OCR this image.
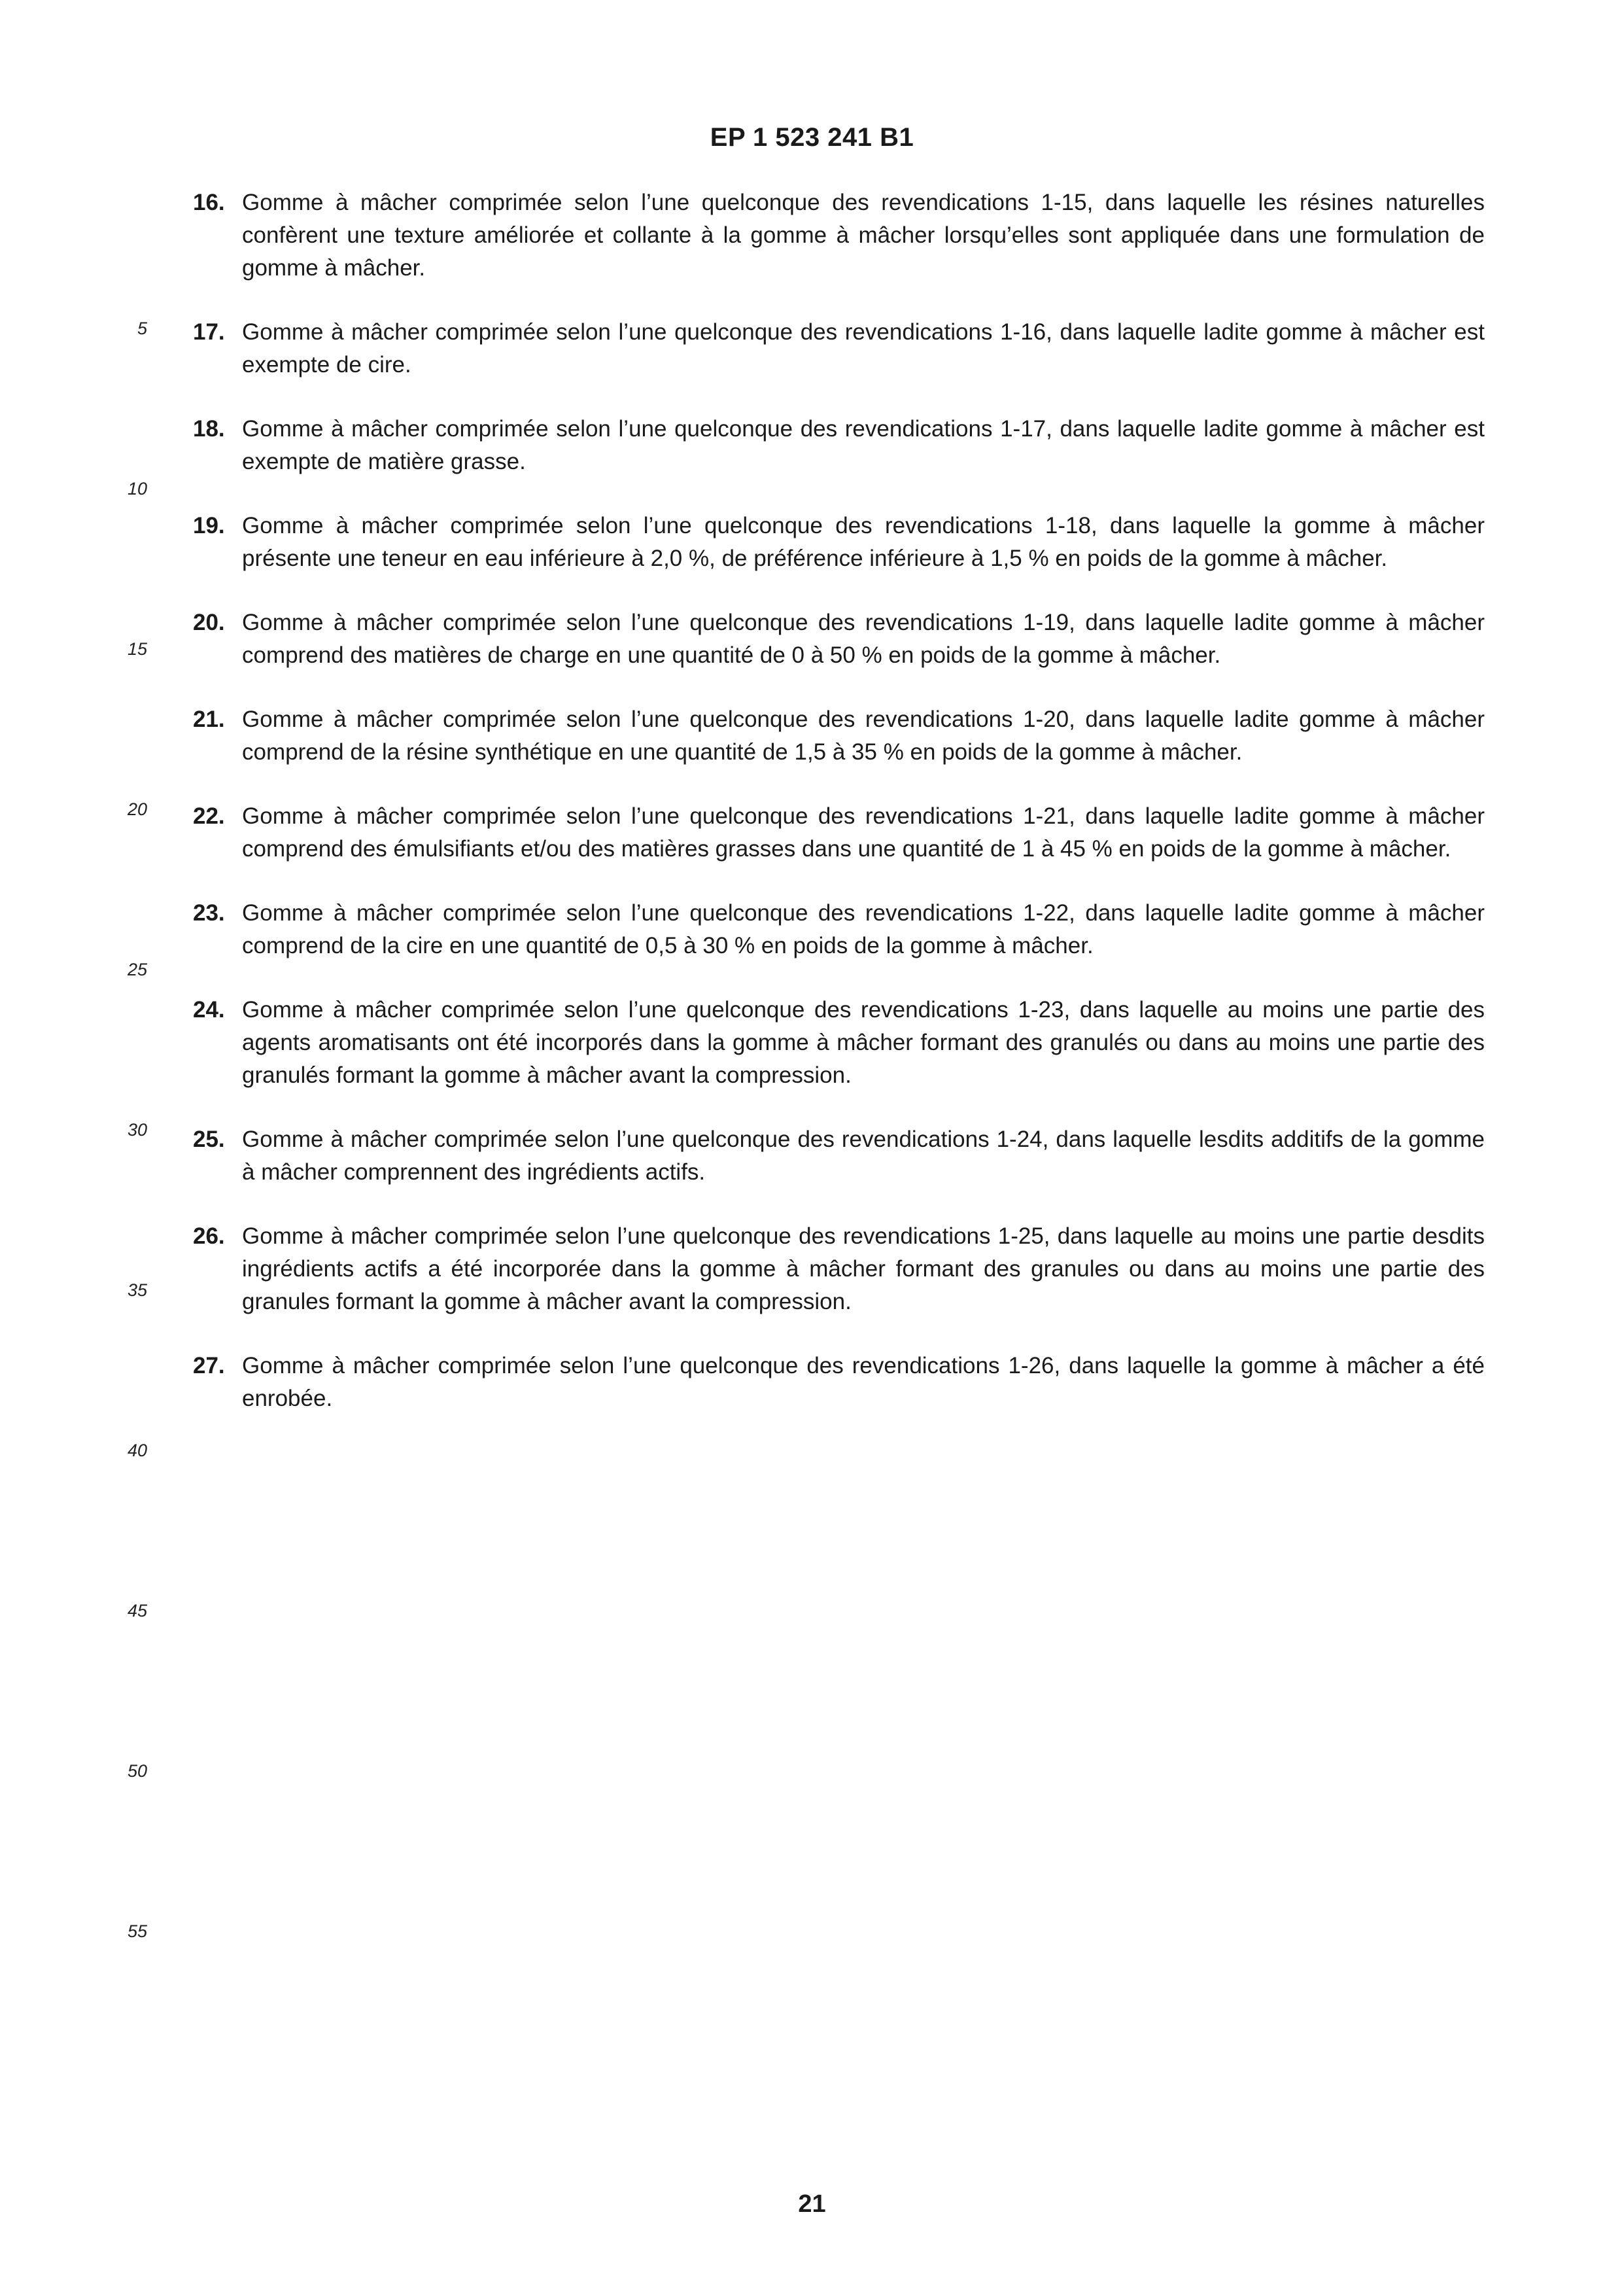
EP 1 523 241 B1
5
10
15
20
25
30
35
40
45
50
55
16. Gomme à mâcher comprimée selon l’une quelconque des revendications 1-15, dans laquelle les résines naturelles confèrent une texture améliorée et collante à la gomme à mâcher lorsqu’elles sont appliquée dans une formulation de gomme à mâcher.
17. Gomme à mâcher comprimée selon l’une quelconque des revendications 1-16, dans laquelle ladite gomme à mâcher est exempte de cire.
18. Gomme à mâcher comprimée selon l’une quelconque des revendications 1-17, dans laquelle ladite gomme à mâcher est exempte de matière grasse.
19. Gomme à mâcher comprimée selon l’une quelconque des revendications 1-18, dans laquelle la gomme à mâcher présente une teneur en eau inférieure à 2,0 %, de préférence inférieure à 1,5 % en poids de la gomme à mâcher.
20. Gomme à mâcher comprimée selon l’une quelconque des revendications 1-19, dans laquelle ladite gomme à mâcher comprend des matières de charge en une quantité de 0 à 50 % en poids de la gomme à mâcher.
21. Gomme à mâcher comprimée selon l’une quelconque des revendications 1-20, dans laquelle ladite gomme à mâcher comprend de la résine synthétique en une quantité de 1,5 à 35 % en poids de la gomme à mâcher.
22. Gomme à mâcher comprimée selon l’une quelconque des revendications 1-21, dans laquelle ladite gomme à mâcher comprend des émulsifiants et/ou des matières grasses dans une quantité de 1 à 45 % en poids de la gomme à mâcher.
23. Gomme à mâcher comprimée selon l’une quelconque des revendications 1-22, dans laquelle ladite gomme à mâcher comprend de la cire en une quantité de 0,5 à 30 % en poids de la gomme à mâcher.
24. Gomme à mâcher comprimée selon l’une quelconque des revendications 1-23, dans laquelle au moins une partie des agents aromatisants ont été incorporés dans la gomme à mâcher formant des granulés ou dans au moins une partie des granulés formant la gomme à mâcher avant la compression.
25. Gomme à mâcher comprimée selon l’une quelconque des revendications 1-24, dans laquelle lesdits additifs de la gomme à mâcher comprennent des ingrédients actifs.
26. Gomme à mâcher comprimée selon l’une quelconque des revendications 1-25, dans laquelle au moins une partie desdits ingrédients actifs a été incorporée dans la gomme à mâcher formant des granules ou dans au moins une partie des granules formant la gomme à mâcher avant la compression.
27. Gomme à mâcher comprimée selon l’une quelconque des revendications 1-26, dans laquelle la gomme à mâcher a été enrobée.
21
